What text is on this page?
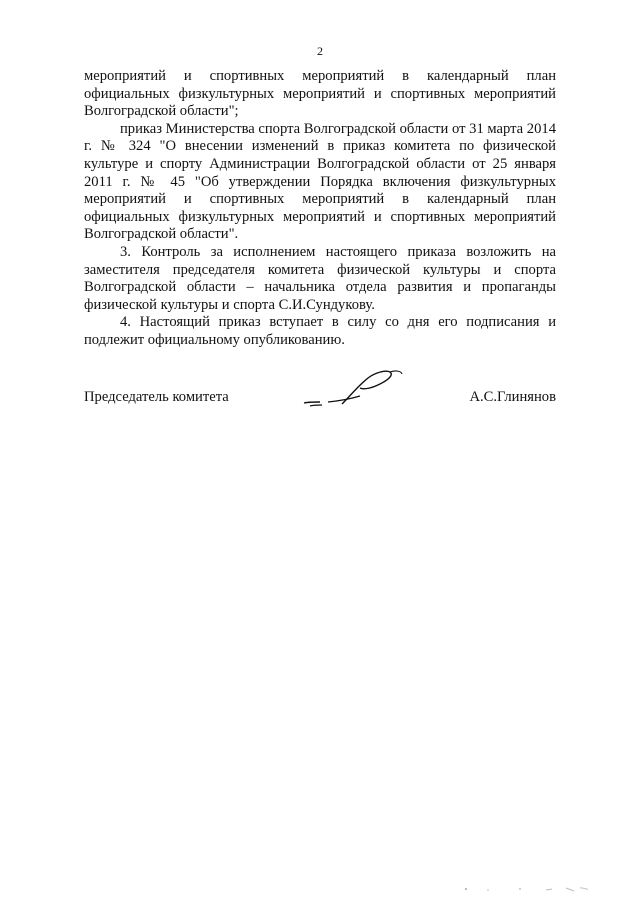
2

мероприятий и спортивных мероприятий в календарный план официальных физкультурных мероприятий и спортивных мероприятий Волгоградской области";

приказ Министерства спорта Волгоградской области от 31 марта 2014 г. № 324 "О внесении изменений в приказ комитета по физической культуре и спорту Администрации Волгоградской области от 25 января 2011 г. № 45 "Об утверждении Порядка включения физкультурных мероприятий и спортивных мероприятий в календарный план официальных физкультурных мероприятий и спортивных мероприятий Волгоградской области".

3. Контроль за исполнением настоящего приказа возложить на заместителя председателя комитета физической культуры и спорта Волгоградской области – начальника отдела развития и пропаганды физической культуры и спорта С.И.Сундукову.

4. Настоящий приказ вступает в силу со дня его подписания и подлежит официальному опубликованию.

Председатель комитета	А.С.Глинянов
